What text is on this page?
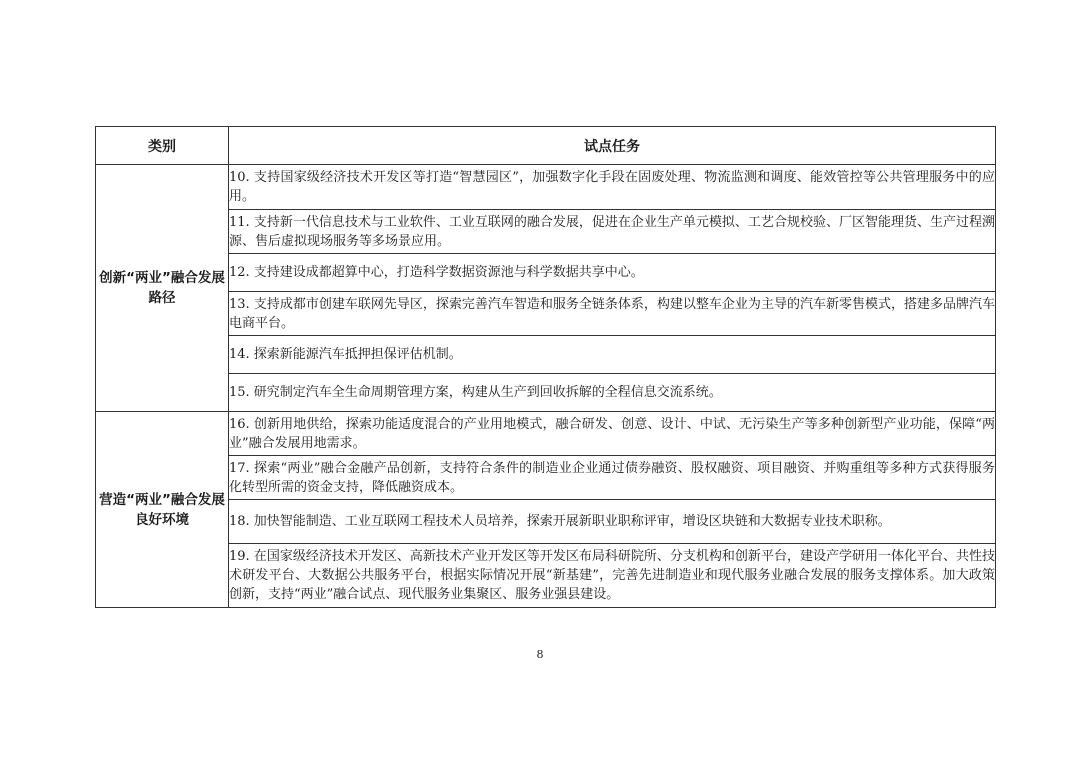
类别	试点任务
创新“两业”融合发展路径	10. 支持国家级经济技术开发区等打造“智慧园区”，加强数字化手段在固废处理、物流监测和调度、能效管控等公共管理服务中的应用。
	11. 支持新一代信息技术与工业软件、工业互联网的融合发展，促进在企业生产单元模拟、工艺合规校验、厂区智能理货、生产过程溯源、售后虚拟现场服务等多场景应用。
	12. 支持建设成都超算中心，打造科学数据资源池与科学数据共享中心。
	13. 支持成都市创建车联网先导区，探索完善汽车智造和服务全链条体系，构建以整车企业为主导的汽车新零售模式，搭建多品牌汽车电商平台。
	14. 探索新能源汽车抵押担保评估机制。
	15. 研究制定汽车全生命周期管理方案，构建从生产到回收拆解的全程信息交流系统。
营造“两业”融合发展良好环境	16. 创新用地供给，探索功能适度混合的产业用地模式，融合研发、创意、设计、中试、无污染生产等多种创新型产业功能，保障“两业”融合发展用地需求。
	17. 探索“两业”融合金融产品创新，支持符合条件的制造业企业通过债券融资、股权融资、项目融资、并购重组等多种方式获得服务化转型所需的资金支持，降低融资成本。
	18. 加快智能制造、工业互联网工程技术人员培养，探索开展新职业职称评审，增设区块链和大数据专业技术职称。
	19. 在国家级经济技术开发区、高新技术产业开发区等开发区布局科研院所、分支机构和创新平台，建设产学研用一体化平台、共性技术研发平台、大数据公共服务平台，根据实际情况开展“新基建”，完善先进制造业和现代服务业融合发展的服务支撑体系。加大政策创新，支持“两业”融合试点、现代服务业集聚区、服务业强县建设。
8
